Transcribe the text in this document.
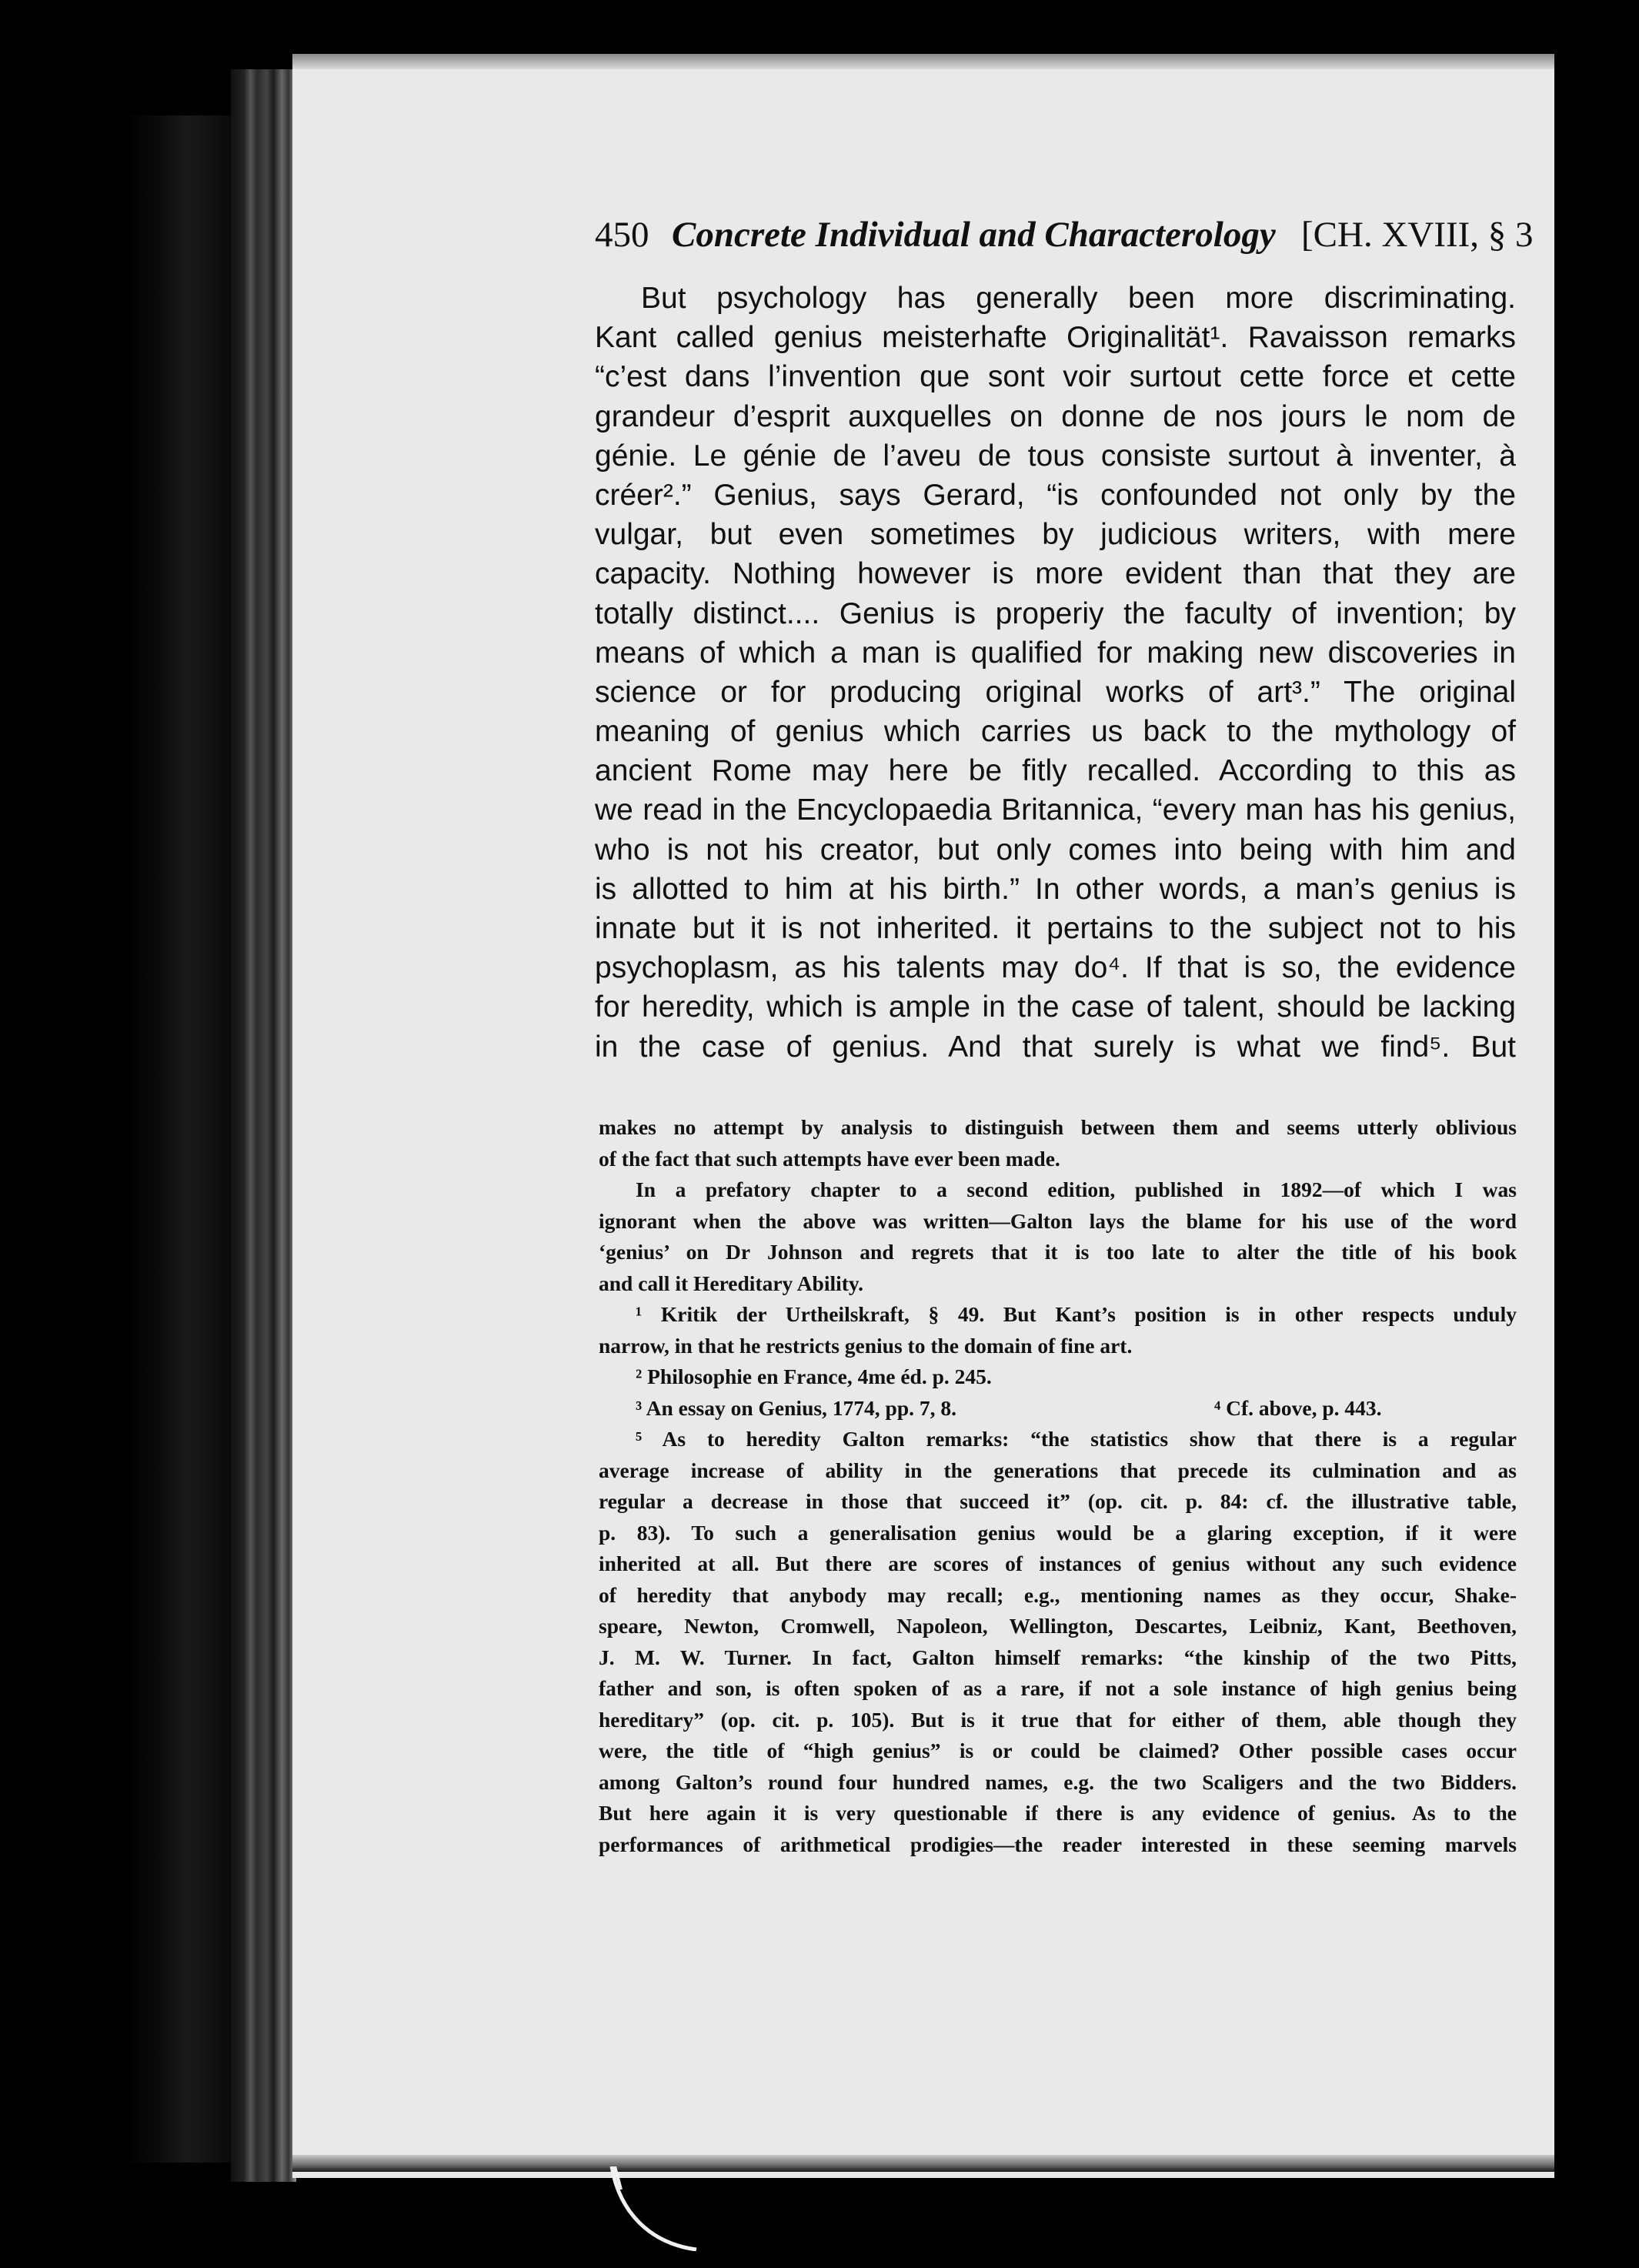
450 Concrete Individual and Characterology [CH. XVIII, § 3
But psychology has generally been more discriminating.
Kant called genius meisterhafte Originalität¹. Ravaisson remarks
“c’est dans l’invention que sont voir surtout cette force et cette
grandeur d’esprit auxquelles on donne de nos jours le nom de
génie. Le génie de l’aveu de tous consiste surtout à inventer, à
créer².” Genius, says Gerard, “is confounded not only by the
vulgar, but even sometimes by judicious writers, with mere
capacity. Nothing however is more evident than that they are
totally distinct.... Genius is properiy the faculty of invention; by
means of which a man is qualified for making new discoveries in
science or for producing original works of art³.” The original
meaning of genius which carries us back to the mythology of
ancient Rome may here be fitly recalled. According to this as
we read in the Encyclopaedia Britannica, “every man has his genius,
who is not his creator, but only comes into being with him and
is allotted to him at his birth.” In other words, a man’s genius is
innate but it is not inherited. it pertains to the subject not to his
psychoplasm, as his talents may do⁴. If that is so, the evidence
for heredity, which is ample in the case of talent, should be lacking
in the case of genius. And that surely is what we find⁵. But
makes no attempt by analysis to distinguish between them and seems utterly oblivious
of the fact that such attempts have ever been made.
In a prefatory chapter to a second edition, published in 1892—of which I was
ignorant when the above was written—Galton lays the blame for his use of the word
‘genius’ on Dr Johnson and regrets that it is too late to alter the title of his book
and call it Hereditary Ability.
¹ Kritik der Urtheilskraft, § 49. But Kant’s position is in other respects unduly
narrow, in that he restricts genius to the domain of fine art.
² Philosophie en France, 4me éd. p. 245.
³ An essay on Genius, 1774, pp. 7, 8.	⁴ Cf. above, p. 443.
⁵ As to heredity Galton remarks: “the statistics show that there is a regular
average increase of ability in the generations that precede its culmination and as
regular a decrease in those that succeed it” (op. cit. p. 84: cf. the illustrative table,
p. 83). To such a generalisation genius would be a glaring exception, if it were
inherited at all. But there are scores of instances of genius without any such evidence
of heredity that anybody may recall; e.g., mentioning names as they occur, Shake-
speare, Newton, Cromwell, Napoleon, Wellington, Descartes, Leibniz, Kant, Beethoven,
J. M. W. Turner. In fact, Galton himself remarks: “the kinship of the two Pitts,
father and son, is often spoken of as a rare, if not a sole instance of high genius being
hereditary” (op. cit. p. 105). But is it true that for either of them, able though they
were, the title of “high genius” is or could be claimed? Other possible cases occur
among Galton’s round four hundred names, e.g. the two Scaligers and the two Bidders.
But here again it is very questionable if there is any evidence of genius. As to the
performances of arithmetical prodigies—the reader interested in these seeming marvels
